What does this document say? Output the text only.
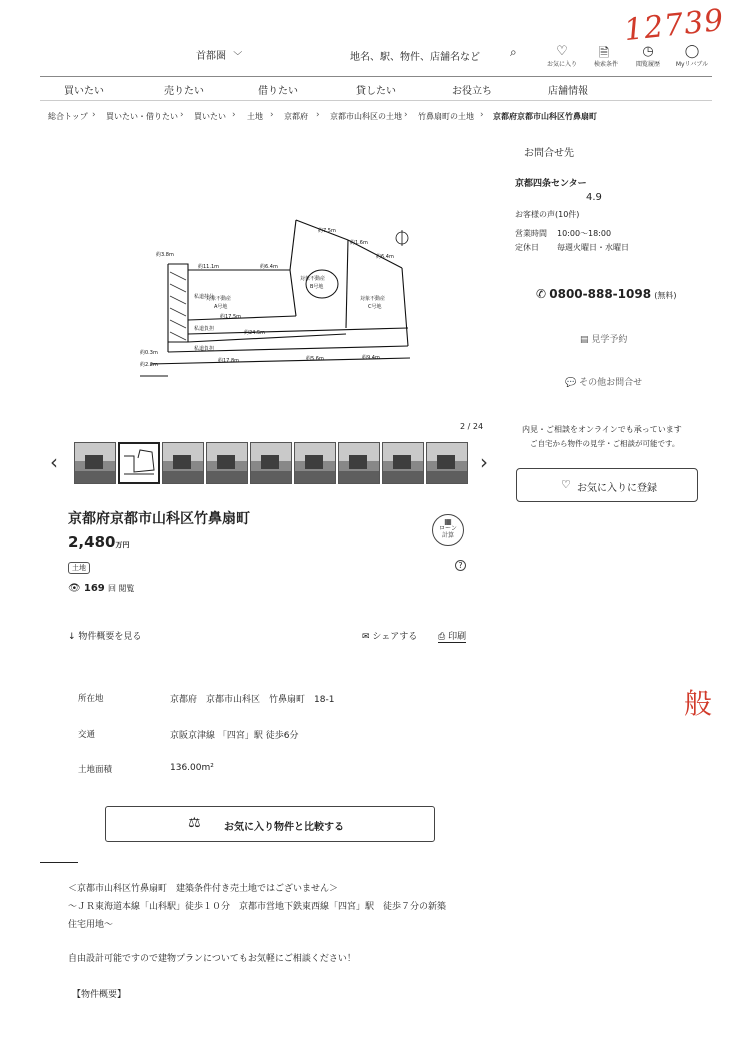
12739
般
首都圏 ﹀	地名、駅、物件、店舗名など	⌕	♡
お気に入り
🗎
検索条件
◷
閲覧履歴
◯
Myリバブル
買いたい	売りたい	借りたい	貸したい	お役立ち	店舗情報
総合トップ › 買いたい・借りたい › 買いたい › 土地 › 京都府 › 京都市山科区の土地 › 竹鼻扇町の土地 › 京都府京都市山科区竹鼻扇町
対象不動産
B号地
対象不動産
A号地
対象不動産
C号地
私道持分
私道負担
私道負担
約11.1m	約6.4m
約7.5m
約1.6m
約6.4m
約17.5m
約24.5m
約17.8m	約5.6m	約9.4m
約0.3m
約2.2m
約3.8m
2 / 24
‹	›
京都府京都市山科区竹鼻扇町
2,480万円
土地
👁 169 回 閲覧
▦
ローン
計算
?
↓ 物件概要を見る	✉ シェアする ⎙ 印刷
所在地	京都府　京都市山科区　竹鼻扇町　18-1
交通	京阪京津線 「四宮」駅 徒歩6分
土地面積	136.00m²
⚖ お気に入り物件と比較する
＜京都市山科区竹鼻扇町　建築条件付き売土地ではございません＞
～ＪＲ東海道本線「山科駅」徒歩１０分　京都市営地下鉄東西線「四宮」駅　徒歩７分の新築
住宅用地～
自由設計可能ですので建物プランについてもお気軽にご相談ください！
【物件概要】
お問合せ先
京都四条センター
4.9
お客様の声(10件)
営業時間 10:00～18:00
定休日 毎週火曜日・水曜日
✆ 0800-888-1098 (無料)
▤ 見学予約
💬 その他お問合せ
内見・ご相談をオンラインでも承っています
ご自宅から物件の見学・ご相談が可能です。
♡ お気に入りに登録
